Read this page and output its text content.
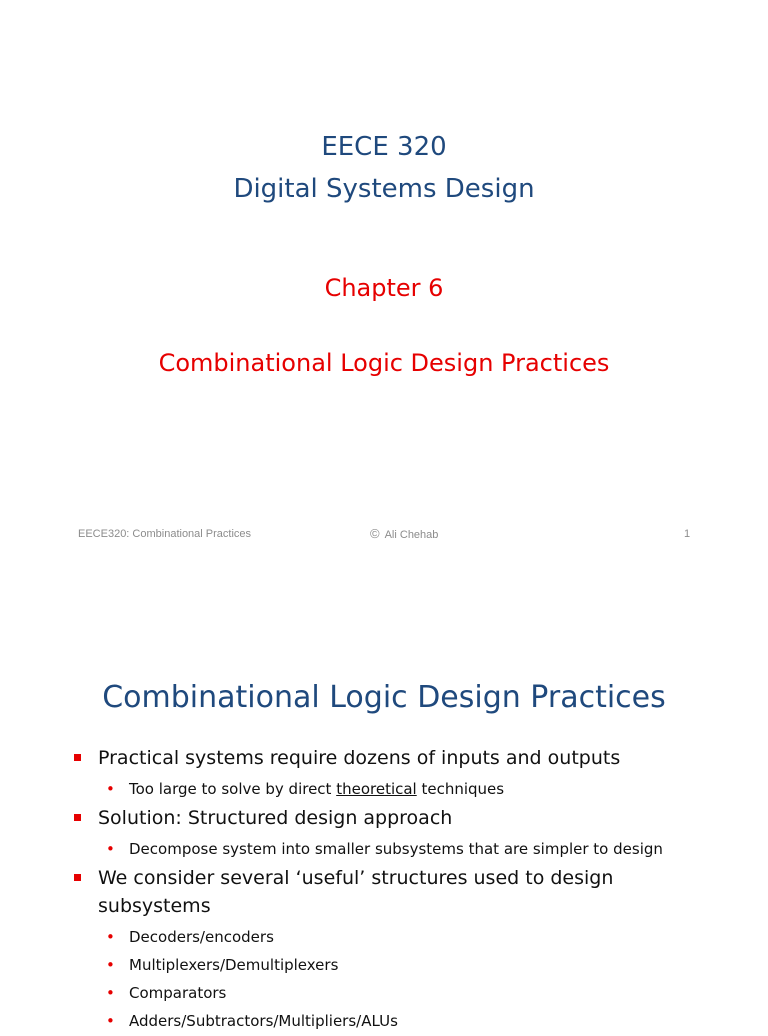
EECE 320
Digital Systems Design
Chapter 6
Combinational Logic Design Practices
EECE320: Combinational Practices	© Ali Chehab	1
Combinational Logic Design Practices
Practical systems require dozens of inputs and outputs
• Too large to solve by direct theoretical techniques
Solution: Structured design approach
• Decompose system into smaller subsystems that are simpler to design
We consider several ‘useful’ structures used to design subsystems
• Decoders/encoders
• Multiplexers/Demultiplexers
• Comparators
• Adders/Subtractors/Multipliers/ALUs
